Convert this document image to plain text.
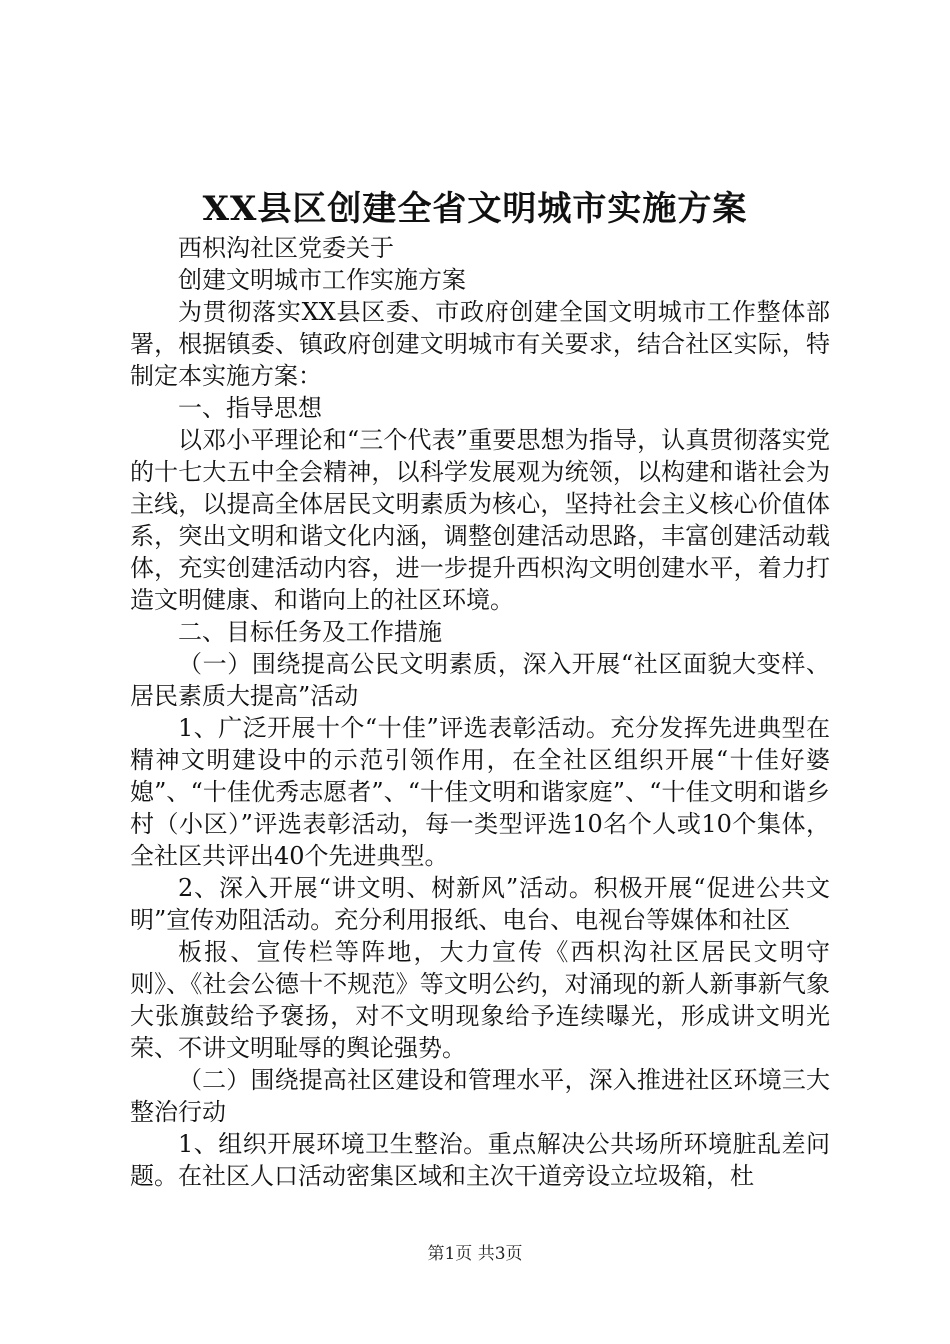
XX县区创建全省文明城市实施方案

西枳沟社区党委关于

创建文明城市工作实施方案

为贯彻落实XX县区委、市政府创建全国文明城市工作整体部署，根据镇委、镇政府创建文明城市有关要求，结合社区实际，特制定本实施方案：

一、指导思想

以邓小平理论和“三个代表”重要思想为指导，认真贯彻落实党的十七大五中全会精神，以科学发展观为统领，以构建和谐社会为主线，以提高全体居民文明素质为核心，坚持社会主义核心价值体系，突出文明和谐文化内涵，调整创建活动思路，丰富创建活动载体，充实创建活动内容，进一步提升西枳沟文明创建水平，着力打造文明健康、和谐向上的社区环境。

二、目标任务及工作措施

（一）围绕提高公民文明素质，深入开展“社区面貌大变样、居民素质大提高”活动

1、广泛开展十个“十佳”评选表彰活动。充分发挥先进典型在精神文明建设中的示范引领作用，在全社区组织开展“十佳好婆媳”、“十佳优秀志愿者”、“十佳文明和谐家庭”、“十佳文明和谐乡村（小区）”评选表彰活动，每一类型评选10名个人或10个集体，全社区共评出40个先进典型。

2、深入开展“讲文明、树新风”活动。积极开展“促进公共文明”宣传劝阻活动。充分利用报纸、电台、电视台等媒体和社区

板报、宣传栏等阵地，大力宣传《西枳沟社区居民文明守则》、《社会公德十不规范》等文明公约，对涌现的新人新事新气象大张旗鼓给予褒扬，对不文明现象给予连续曝光，形成讲文明光荣、不讲文明耻辱的舆论强势。

（二）围绕提高社区建设和管理水平，深入推进社区环境三大整治行动

1、组织开展环境卫生整治。重点解决公共场所环境脏乱差问题。在社区人口活动密集区域和主次干道旁设立垃圾箱，杜

第1页 共3页
